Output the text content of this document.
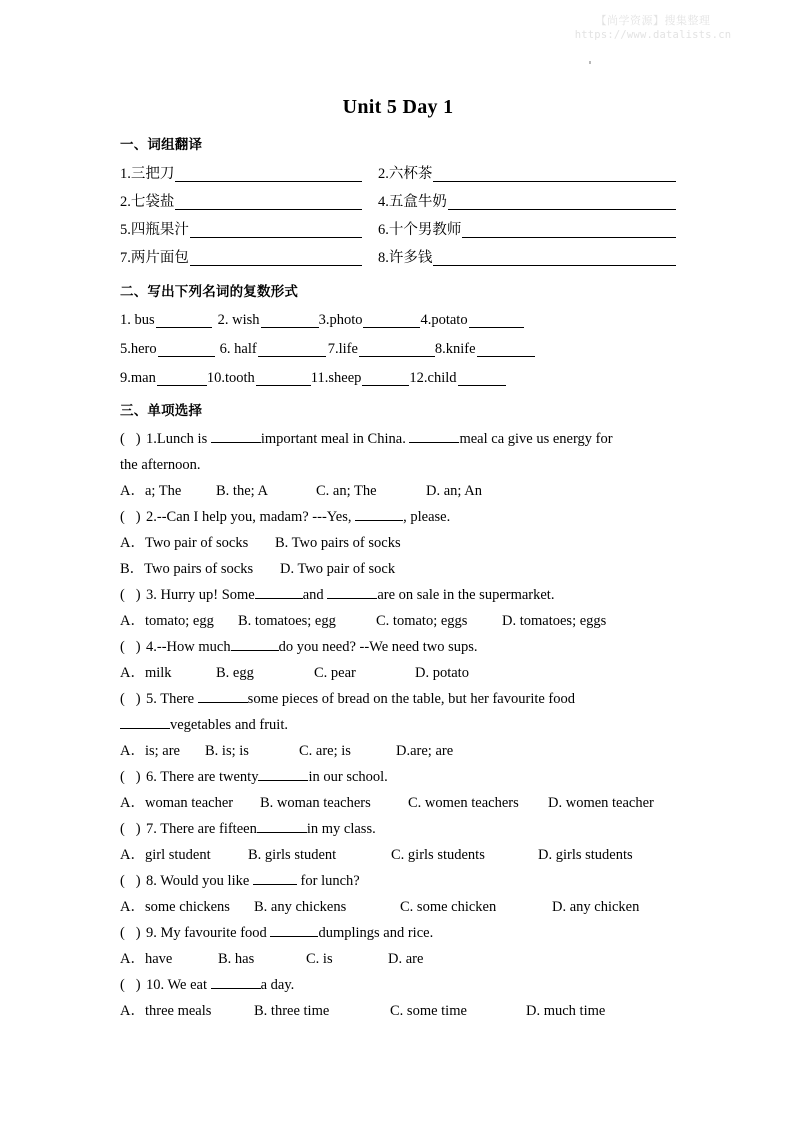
【尚学资源】搜集整理
https://www.datalists.cn
Unit 5 Day 1
一、词组翻译
1.三把刀	2.六杯茶
2.七袋盐	4.五盒牛奶
5.四瓶果汁	6.十个男教师
7.两片面包	8.许多钱
二、写出下列名词的复数形式
1. bus	2. wish	3.photo	4.potato
5.hero	6. half	7.life	8.knife
9.man	10.tooth	11.sheep	12.child
三、单项选择
(   ) 1.Lunch is	important meal in China.	meal ca give us energy for
the afternoon.
A．a; The	B. the; A	C. an; The	D. an; An
(   ) 2.--Can I help you, madam? ---Yes,	, please.
A．Two pair of socks	B. Two pairs of socks
B．Two pairs of socks	D. Two pair of sock
(   ) 3. Hurry up! Some	and	are on sale in the supermarket.
A．tomato; egg	B. tomatoes; egg	C. tomato; eggs	D. tomatoes; eggs
(   ) 4.--How much	do you need? --We need two sups.
A．milk	B. egg	C. pear	D. potato
(   ) 5. There	some pieces of bread on the table, but her favourite food
vegetables and fruit.
A．is; are	B. is; is	C. are; is	D.are; are
(   ) 6. There are twenty	in our school.
A．woman teacher	B. woman teachers	C. women teachers	D. women teacher
(   ) 7. There are fifteen	in my class.
A．girl student	B. girls student	C. girls students	D. girls students
(   ) 8. Would you like	for lunch?
A．some chickens	B. any chickens	C. some chicken	D. any chicken
(   ) 9. My favourite food	dumplings and rice.
A．have	B. has	C. is	D. are
(   ) 10. We eat	a day.
A．three meals	B. three time	C. some time	D. much time
